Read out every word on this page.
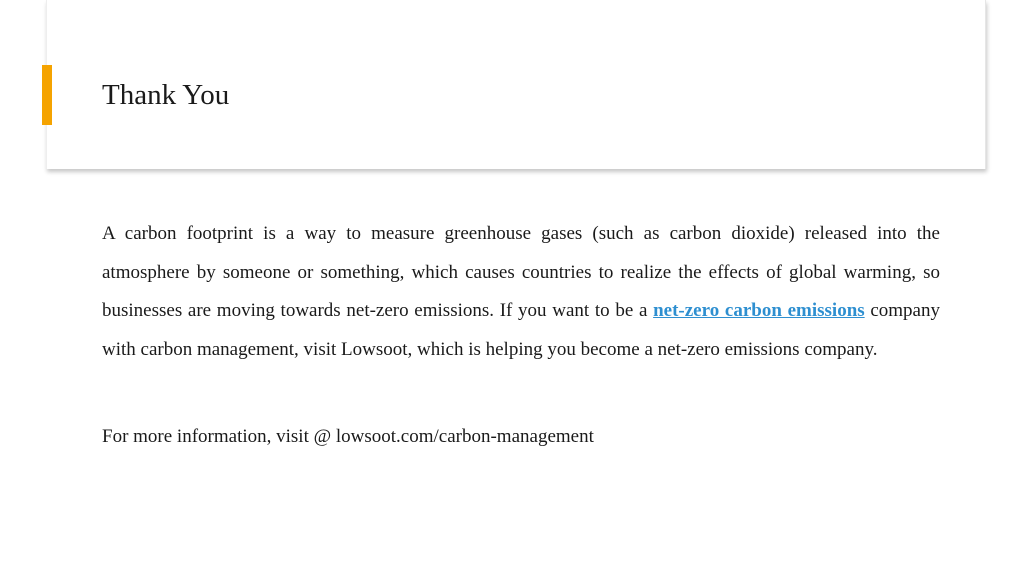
Thank You

A carbon footprint is a way to measure greenhouse gases (such as carbon dioxide) released into the atmosphere by someone or something, which causes countries to realize the effects of global warming, so businesses are moving towards net-zero emissions. If you want to be a net-zero carbon emissions company with carbon management, visit Lowsoot, which is helping you become a net-zero emissions company.

For more information, visit @ lowsoot.com/carbon-management
